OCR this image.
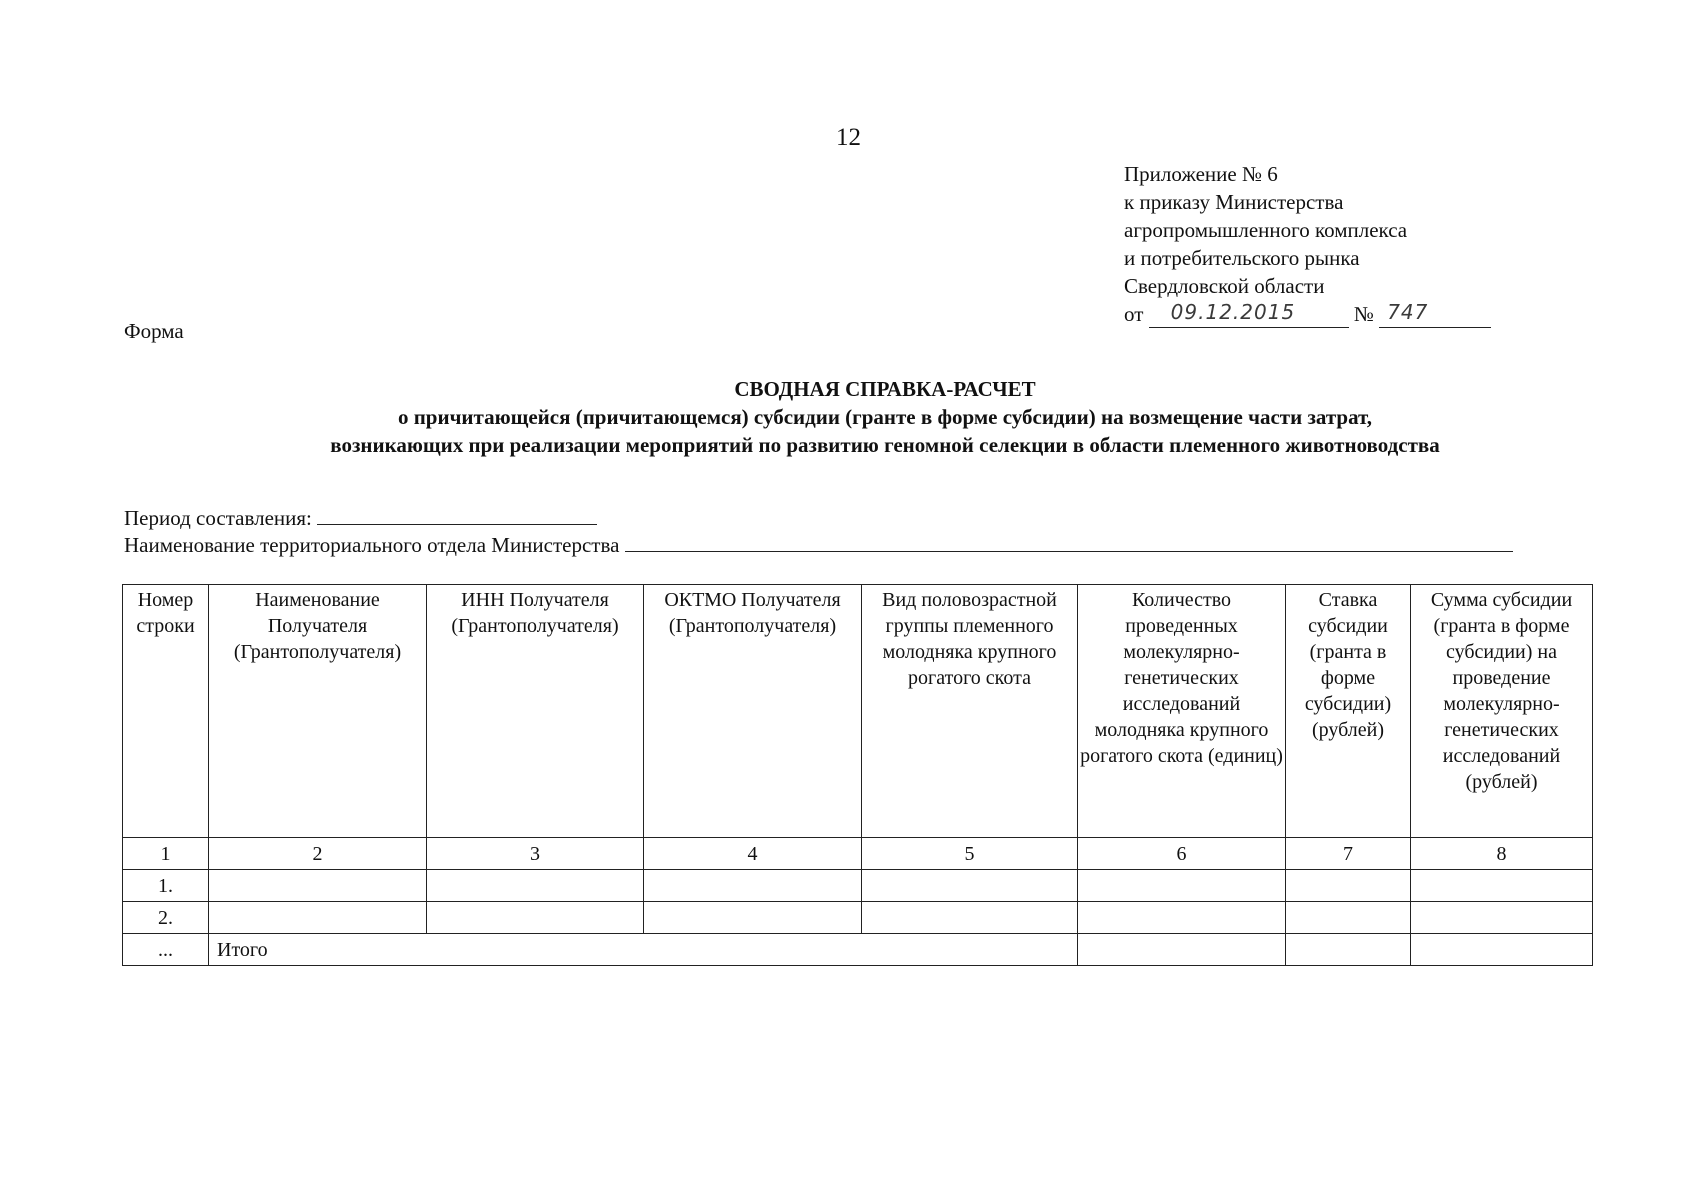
12
Приложение № 6
к приказу Министерства
агропромышленного комплекса
и потребительского рынка
Свердловской области
от 09.12.2015	№ 747
Форма
СВОДНАЯ СПРАВКА-РАСЧЕТ
о причитающейся (причитающемся) субсидии (гранте в форме субсидии) на возмещение части затрат,
возникающих при реализации мероприятий по развитию геномной селекции в области племенного животноводства
Период составления:
Наименование территориального отдела Министерства
Номер строки	Наименование Получателя (Грантополучателя)	ИНН Получателя (Грантополучателя)	ОКТМО Получателя (Грантополучателя)	Вид половозрастной группы племенного молодняка крупного рогатого скота	Количество проведенных молекулярно-генетических исследований молодняка крупного рогатого скота (единиц)	Ставка субсидии (гранта в форме субсидии) (рублей)	Сумма субсидии (гранта в форме субсидии) на проведение молекулярно-генетических исследований (рублей)
1	2	3	4	5	6	7	8
1.							
2.							
...	Итого						
